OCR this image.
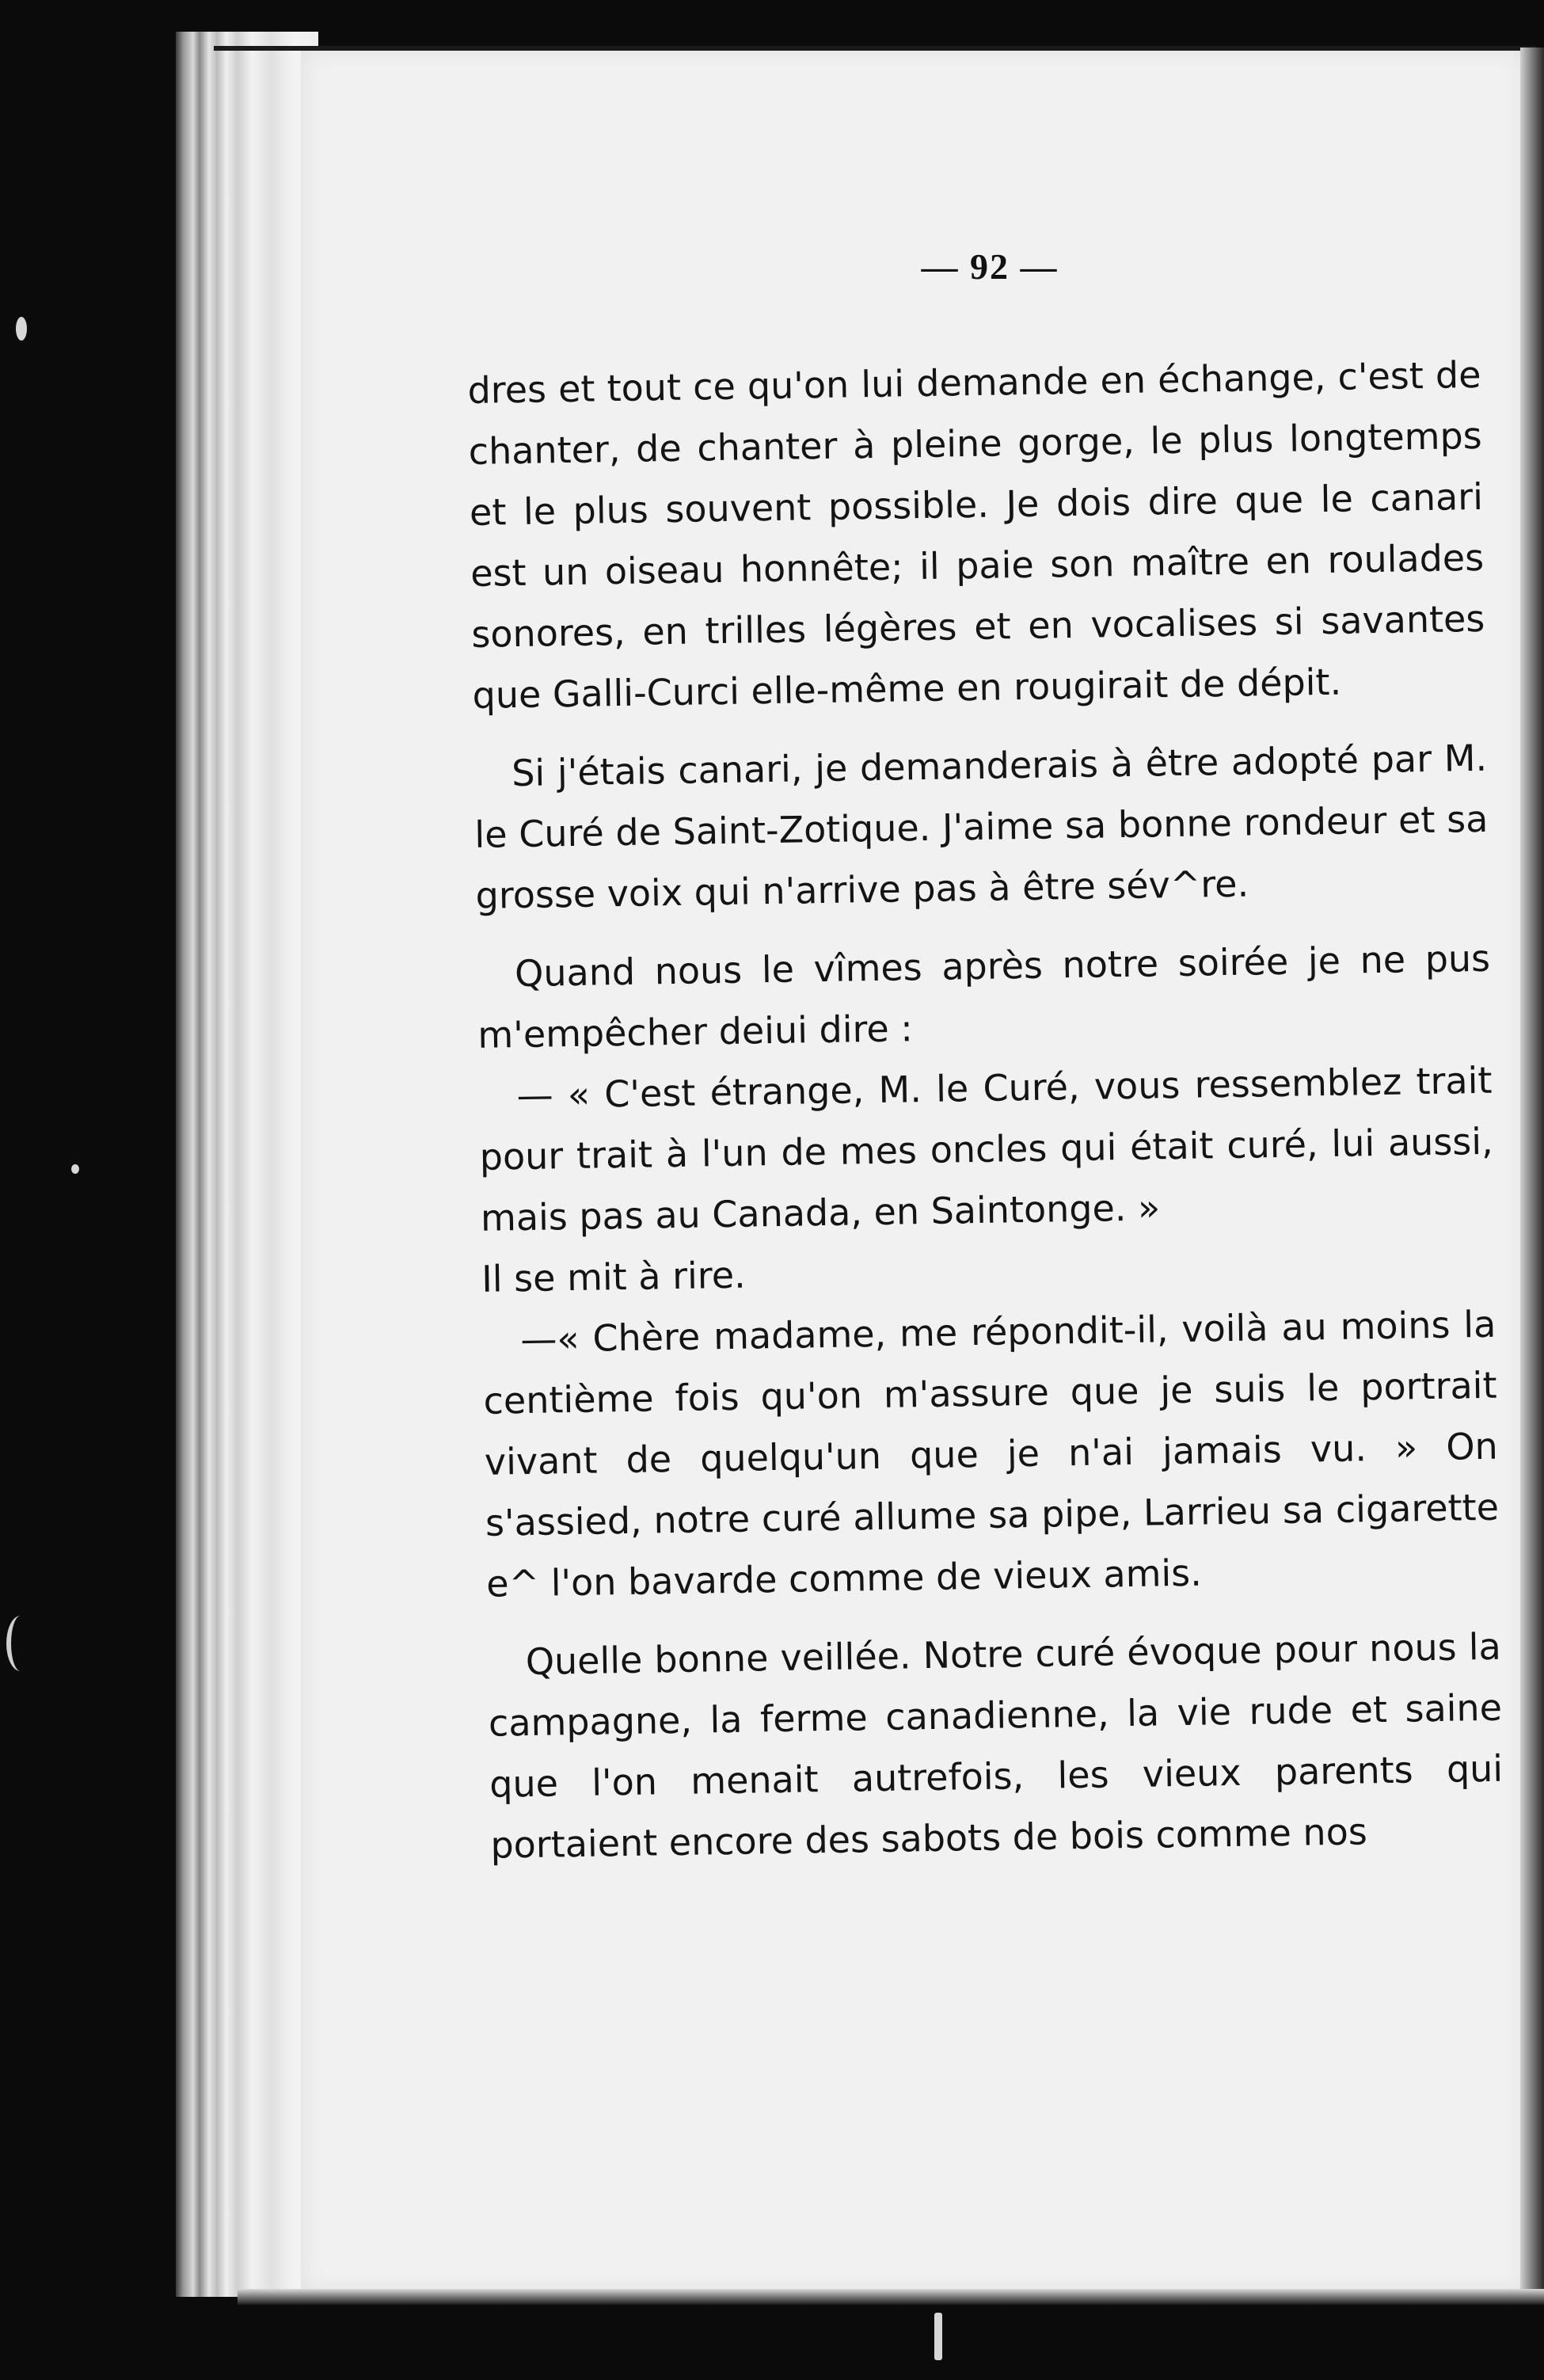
— 92 —

dres et tout ce qu'on lui demande en échange, c'est de chanter, de chanter à pleine gorge, le plus longtemps et le plus souvent possible. Je dois dire que le canari est un oiseau honnête; il paie son maître en roulades sonores, en trilles légères et en vocalises si savantes que Galli-Curci elle-même en rougirait de dépit.

Si j'étais canari, je demanderais à être adopté par M. le Curé de Saint-Zotique. J'aime sa bonne rondeur et sa grosse voix qui n'arrive pas à être sév^re.

Quand nous le vîmes après notre soirée je ne pus m'empêcher deiui dire :

— « C'est étrange, M. le Curé, vous ressemblez trait pour trait à l'un de mes oncles qui était curé, lui aussi, mais pas au Canada, en Saintonge. »

Il se mit à rire.

—« Chère madame, me répondit-il, voilà au moins la centième fois qu'on m'assure que je suis le portrait vivant de quelqu'un que je n'ai jamais vu. » On s'assied, notre curé allume sa pipe, Larrieu sa cigarette e^ l'on bavarde comme de vieux amis.

Quelle bonne veillée. Notre curé évoque pour nous la campagne, la ferme canadienne, la vie rude et saine que l'on menait autrefois, les vieux parents qui portaient encore des sabots de bois comme nos
